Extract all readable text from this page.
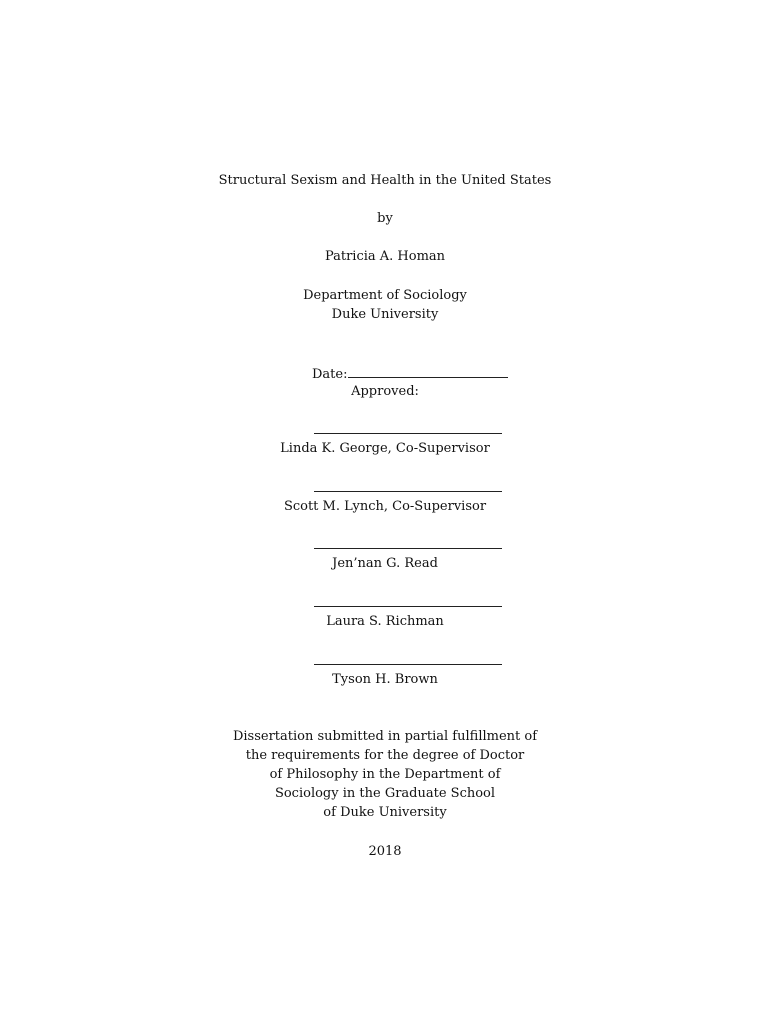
Structural Sexism and Health in the United States
by
Patricia A. Homan
Department of Sociology
Duke University
Date:
Approved:
Linda K. George, Co-Supervisor
Scott M. Lynch, Co-Supervisor
Jen’nan G. Read
Laura S. Richman
Tyson H. Brown
Dissertation submitted in partial fulfillment of
the requirements for the degree of Doctor
of Philosophy in the Department of
Sociology in the Graduate School
of Duke University
2018
